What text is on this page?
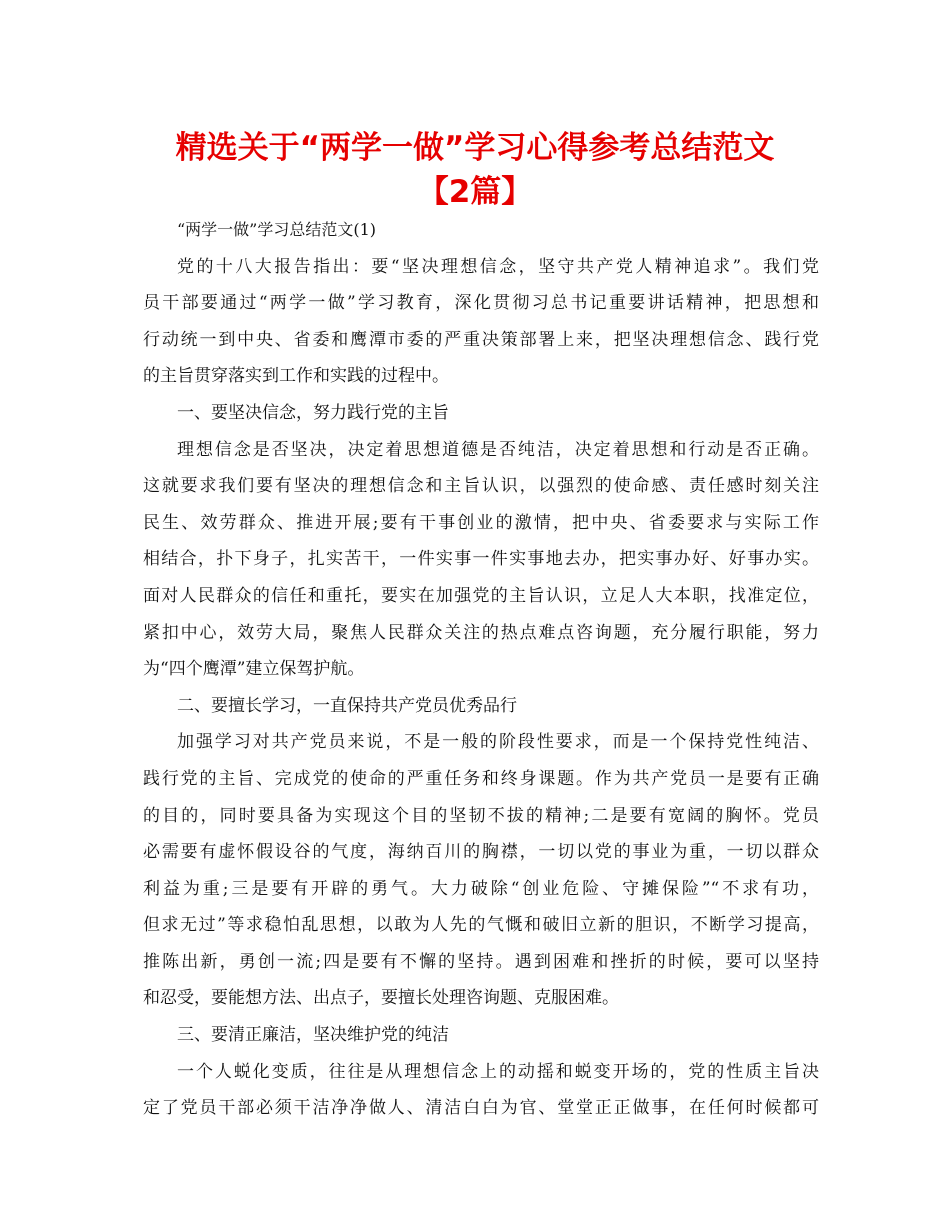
精选关于“两学一做”学习心得参考总结范文
【2篇】
“两学一做”学习总结范文(1)
党的十八大报告指出：要“坚决理想信念，坚守共产党人精神追求”。我们党
员干部要通过“两学一做”学习教育，深化贯彻习总书记重要讲话精神，把思想和
行动统一到中央、省委和鹰潭市委的严重决策部署上来，把坚决理想信念、践行党
的主旨贯穿落实到工作和实践的过程中。
一、要坚决信念，努力践行党的主旨
理想信念是否坚决，决定着思想道德是否纯洁，决定着思想和行动是否正确。
这就要求我们要有坚决的理想信念和主旨认识，以强烈的使命感、责任感时刻关注
民生、效劳群众、推进开展;要有干事创业的激情，把中央、省委要求与实际工作
相结合，扑下身子，扎实苦干，一件实事一件实事地去办，把实事办好、好事办实。
面对人民群众的信任和重托，要实在加强党的主旨认识，立足人大本职，找准定位，
紧扣中心，效劳大局，聚焦人民群众关注的热点难点咨询题，充分履行职能，努力
为“四个鹰潭”建立保驾护航。
二、要擅长学习，一直保持共产党员优秀品行
加强学习对共产党员来说，不是一般的阶段性要求，而是一个保持党性纯洁、
践行党的主旨、完成党的使命的严重任务和终身课题。作为共产党员一是要有正确
的目的，同时要具备为实现这个目的坚韧不拔的精神;二是要有宽阔的胸怀。党员
必需要有虚怀假设谷的气度，海纳百川的胸襟，一切以党的事业为重，一切以群众
利益为重;三是要有开辟的勇气。大力破除“创业危险、守摊保险”“不求有功，
但求无过”等求稳怕乱思想，以敢为人先的气慨和破旧立新的胆识，不断学习提高，
推陈出新，勇创一流;四是要有不懈的坚持。遇到困难和挫折的时候，要可以坚持
和忍受，要能想方法、出点子，要擅长处理咨询题、克服困难。
三、要清正廉洁，坚决维护党的纯洁
一个人蜕化变质，往往是从理想信念上的动摇和蜕变开场的，党的性质主旨决
定了党员干部必须干洁净净做人、清洁白白为官、堂堂正正做事，在任何时候都可
